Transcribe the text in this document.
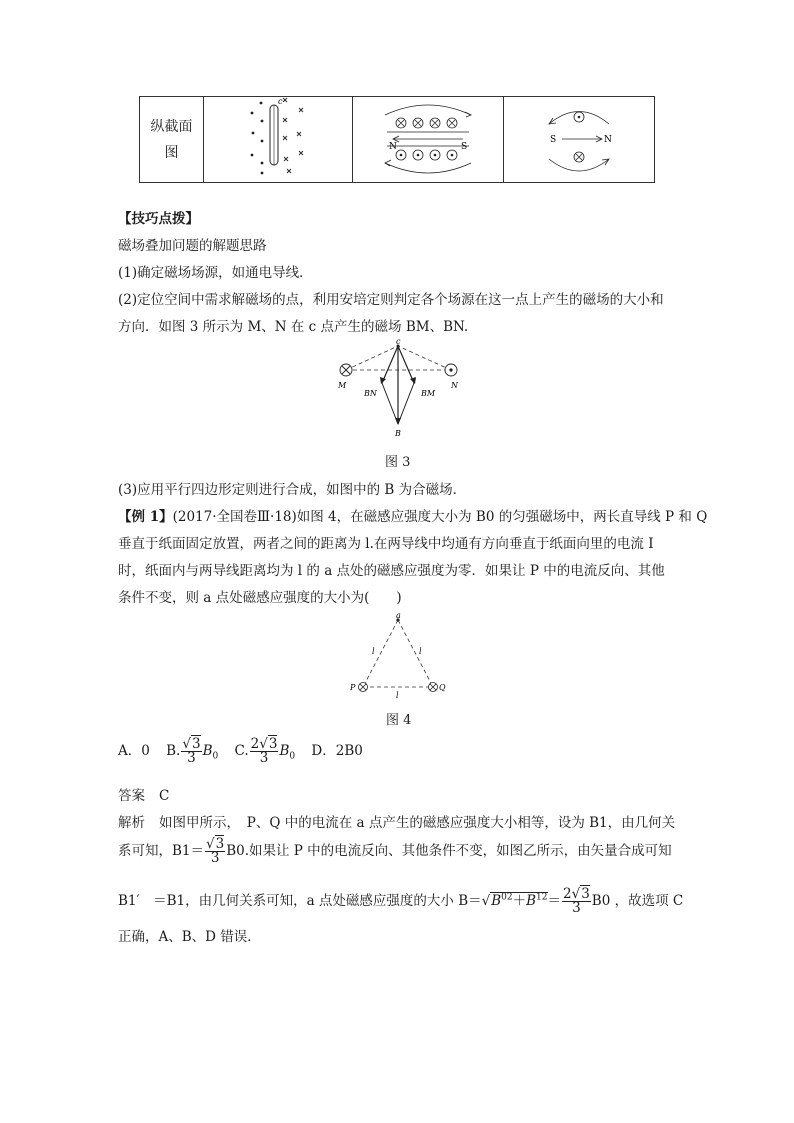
纵截面图	
c

N	S

S	N
【技巧点拨】
磁场叠加问题的解题思路
(1)确定磁场场源，如通电导线．
(2)定位空间中需求解磁场的点，利用安培定则判定各个场源在这一点上产生的磁场的大小和
方向．如图 3 所示为 M、N 在 c 点产生的磁场 BM、BN.
c
M	N
BN	BM
B
图 3
(3)应用平行四边形定则进行合成，如图中的 B 为合磁场．
【例 1】(2017·全国卷Ⅲ·18)如图 4，在磁感应强度大小为 B0 的匀强磁场中，两长直导线 P 和 Q
垂直于纸面固定放置，两者之间的距离为 l.在两导线中均通有方向垂直于纸面向里的电流 I
时，纸面内与两导线距离均为 l 的 a 点处的磁感应强度为零．如果让 P 中的电流反向、其他
条件不变，则 a 点处磁感应强度的大小为(　　)
a
l	l
l
P	Q
图 4
A．0 B. $\frac{√3}{3} B_0$ C. $\frac{2√3}{3} B_0$ D．2B0
答案 C
解析 如图甲所示，　P、Q 中的电流在 a 点产生的磁感应强度大小相等，设为 B1，由几何关
系可知，$B1= \frac{√3}{3} B0$.如果让 P 中的电流反向、其他条件不变，如图乙所示，由矢量合成可知
B1′　＝B1，由几何关系可知，a 点处磁感应强度的大小 $B=√B^{02}+B^{12}= \frac{2√3}{3} B0$ ，故选项 C
正确，A、B、D 错误．
